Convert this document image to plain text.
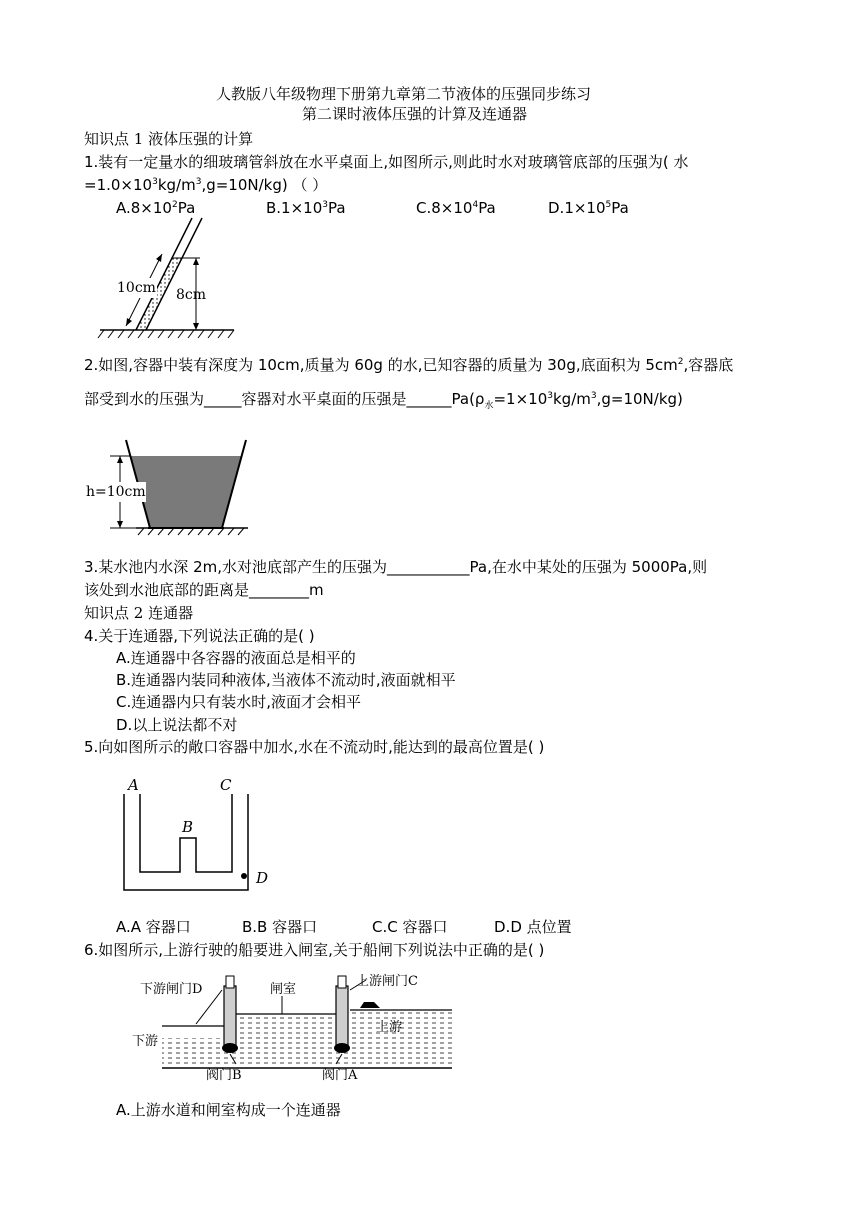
人教版八年级物理下册第九章第二节液体的压强同步练习
第二课时液体压强的计算及连通器
知识点 1 液体压强的计算
1.装有一定量水的细玻璃管斜放在水平桌面上,如图所示,则此时水对玻璃管底部的压强为( 水
$=1.0\times 10^3kg/m^3,g=10N/kg$) （ ）
$A.8\times 10^2Pa$	$B.1\times 10^3Pa$	$C.8\times 10^4Pa$	$D.1\times 10^5Pa$
10cm 8cm
2.如图,容器中装有深度为 10cm,质量为 60g 的水,已知容器的质量为 30g,底面积为 $5cm^2$,容器底
部受到水的压强为_____容器对水平桌面的压强是$\_\_\_\_\_\_Pa(\rho_水=1\times 10^3kg/m^3,g=10N/kg)$
h=10cm
3.某水池内水深 2m,水对池底部产生的压强为___________Pa,在水中某处的压强为 5000Pa,则
该处到水池底部的距离是________m
知识点 2 连通器
4.关于连通器,下列说法正确的是( )
A.连通器中各容器的液面总是相平的
B.连通器内装同种液体,当液体不流动时,液面就相平
C.连通器内只有装水时,液面才会相平
D.以上说法都不对
5.向如图所示的敞口容器中加水,水在不流动时,能达到的最高位置是( )
A	C
B
D
A.A 容器口	B.B 容器口	C.C 容器口	D.D 点位置
6.如图所示,上游行驶的船要进入闸室,关于船闸下列说法中正确的是( )
下游闸门D	闸室
上游闸门C
上游
下游
阀门B	阀门A
A.上游水道和闸室构成一个连通器
